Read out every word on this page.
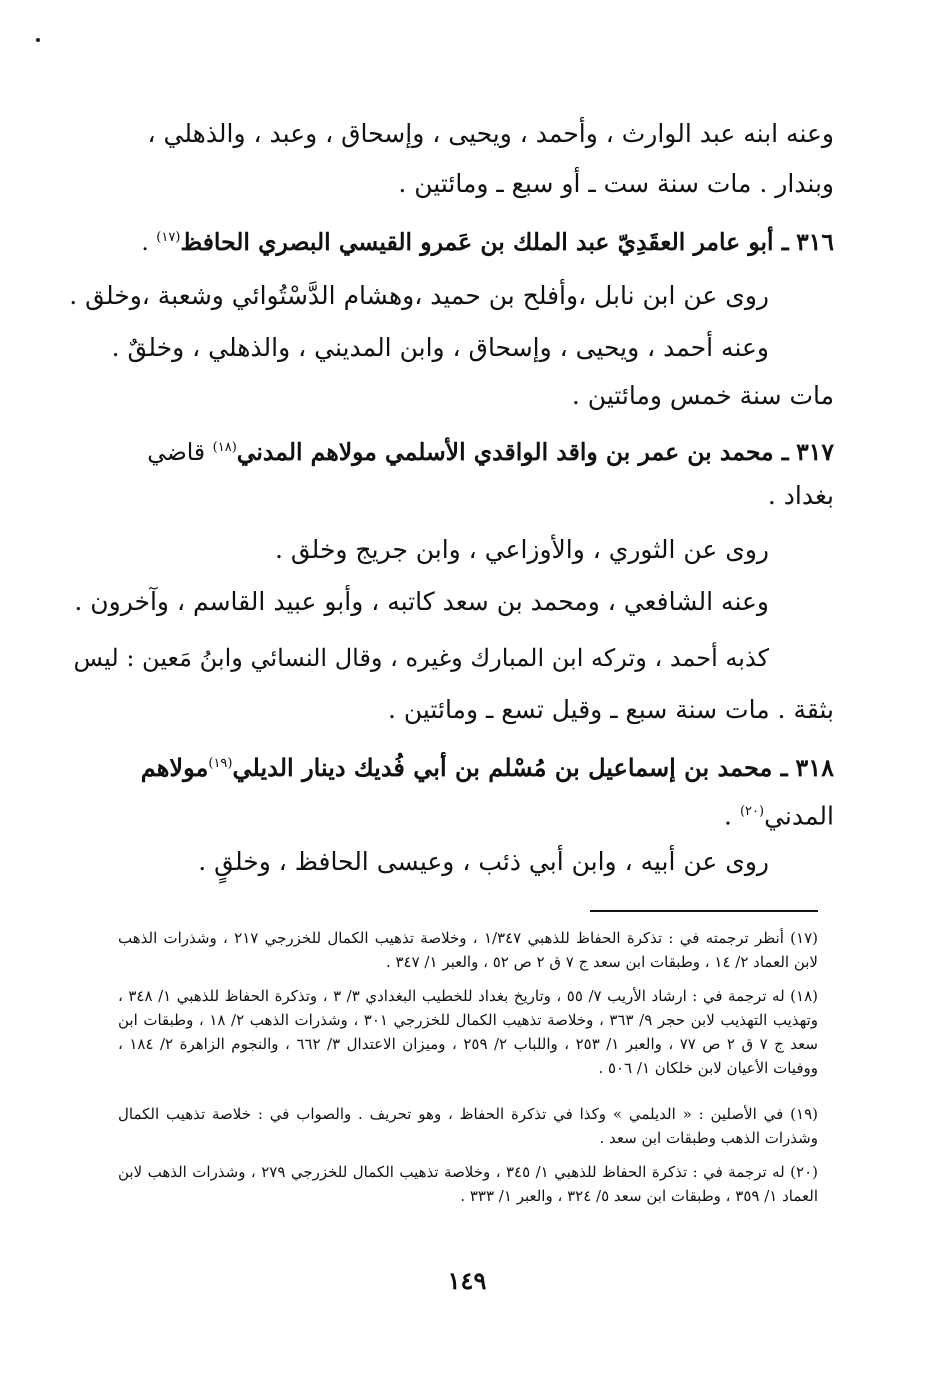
وعنه ابنه عبد الوارث ، وأحمد ، ويحيى ، وإسحاق ، وعبد ، والذهلي ،
وبندار . مات سنة ست ـ أو سبع ـ ومائتين .
٣١٦ ـ أبو عامر العقَدِيّ عبد الملك بن عَمرو القيسي البصري الحافظ$^{(١٧)}$ .
روى عن ابن نابل ،وأفلح بن حميد ،وهشام الدَّسْتُوائي وشعبة ،وخلق .
وعنه أحمد ، ويحيى ، وإسحاق ، وابن المديني ، والذهلي ، وخلقٌ .
مات سنة خمس ومائتين .
٣١٧ ـ محمد بن عمر بن واقد الواقدي الأسلمي مولاهم المدني$^{(١٨)}$ قاضي
بغداد .
روى عن الثوري ، والأوزاعي ، وابن جريج وخلق .
وعنه الشافعي ، ومحمد بن سعد كاتبه ، وأبو عبيد القاسم ، وآخرون .
كذبه أحمد ، وتركه ابن المبارك وغيره ، وقال النسائي وابنُ مَعين : ليس
بثقة . مات سنة سبع ـ وقيل تسع ـ ومائتين .
٣١٨ ـ محمد بن إسماعيل بن مُسْلم بن أبي فُديك دينار الديلي$^{(١٩)}$مولاهم
المدني$^{(٢٠)}$ .
روى عن أبيه ، وابن أبي ذئب ، وعيسى الحافظ ، وخلقٍ .
(١٧) أنظر ترجمته في : تذكرة الحفاظ للذهبي ١/٣٤٧ ، وخلاصة تذهيب الكمال للخزرجي ٢١٧ ، وشذرات الذهب لابن العماد ٢/ ١٤ ، وطبقات ابن سعد ج ٧ ق ٢ ص ٥٢ ، والعبر ١/ ٣٤٧ .
(١٨) له ترجمة في : ارشاد الأريب ٧/ ٥٥ ، وتاريخ بغداد للخطيب البغدادي ٣/ ٣ ، وتذكرة الحفاظ للذهبي ١/ ٣٤٨ ، وتهذيب التهذيب لابن حجر ٩/ ٣٦٣ ، وخلاصة تذهيب الكمال للخزرجي ٣٠١ ، وشذرات الذهب ٢/ ١٨ ، وطبقات ابن سعد ج ٧ ق ٢ ص ٧٧ ، والعبر ١/ ٢٥٣ ، واللباب ٢/ ٢٥٩ ، وميزان الاعتدال ٣/ ٦٦٢ ، والنجوم الزاهرة ٢/ ١٨٤ ، ووفيات الأعيان لابن خلكان ١/ ٥٠٦ .
(١٩) في الأصلين : « الديلمي » وكذا في تذكرة الحفاظ ، وهو تحريف . والصواب في : خلاصة تذهيب الكمال وشذرات الذهب وطبقات ابن سعد .
(٢٠) له ترجمة في : تذكرة الحفاظ للذهبي ١/ ٣٤٥ ، وخلاصة تذهيب الكمال للخزرجي ٢٧٩ ، وشذرات الذهب لابن العماد ١/ ٣٥٩ ، وطبقات ابن سعد ٥/ ٣٢٤ ، والعبر ١/ ٣٣٣ .
١٤٩
